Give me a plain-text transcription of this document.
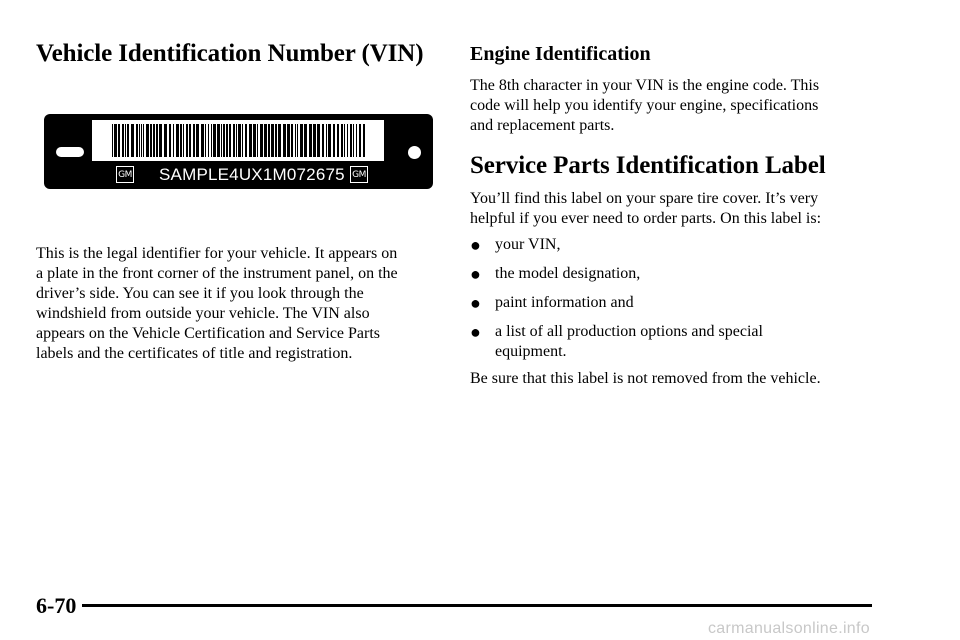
Vehicle Identification Number (VIN)
GM SAMPLE4UX1M072675 GM
This is the legal identifier for your vehicle. It appears on
a plate in the front corner of the instrument panel, on the
driver’s side. You can see it if you look through the
windshield from outside your vehicle. The VIN also
appears on the Vehicle Certification and Service Parts
labels and the certificates of title and registration.
Engine Identification
The 8th character in your VIN is the engine code. This
code will help you identify your engine, specifications
and replacement parts.
Service Parts Identification Label
You’ll find this label on your spare tire cover. It’s very
helpful if you ever need to order parts. On this label is:
● your VIN,
● the model designation,
● paint information and
● a list of all production options and special
equipment.
Be sure that this label is not removed from the vehicle.
6-70
carmanualsonline.info
